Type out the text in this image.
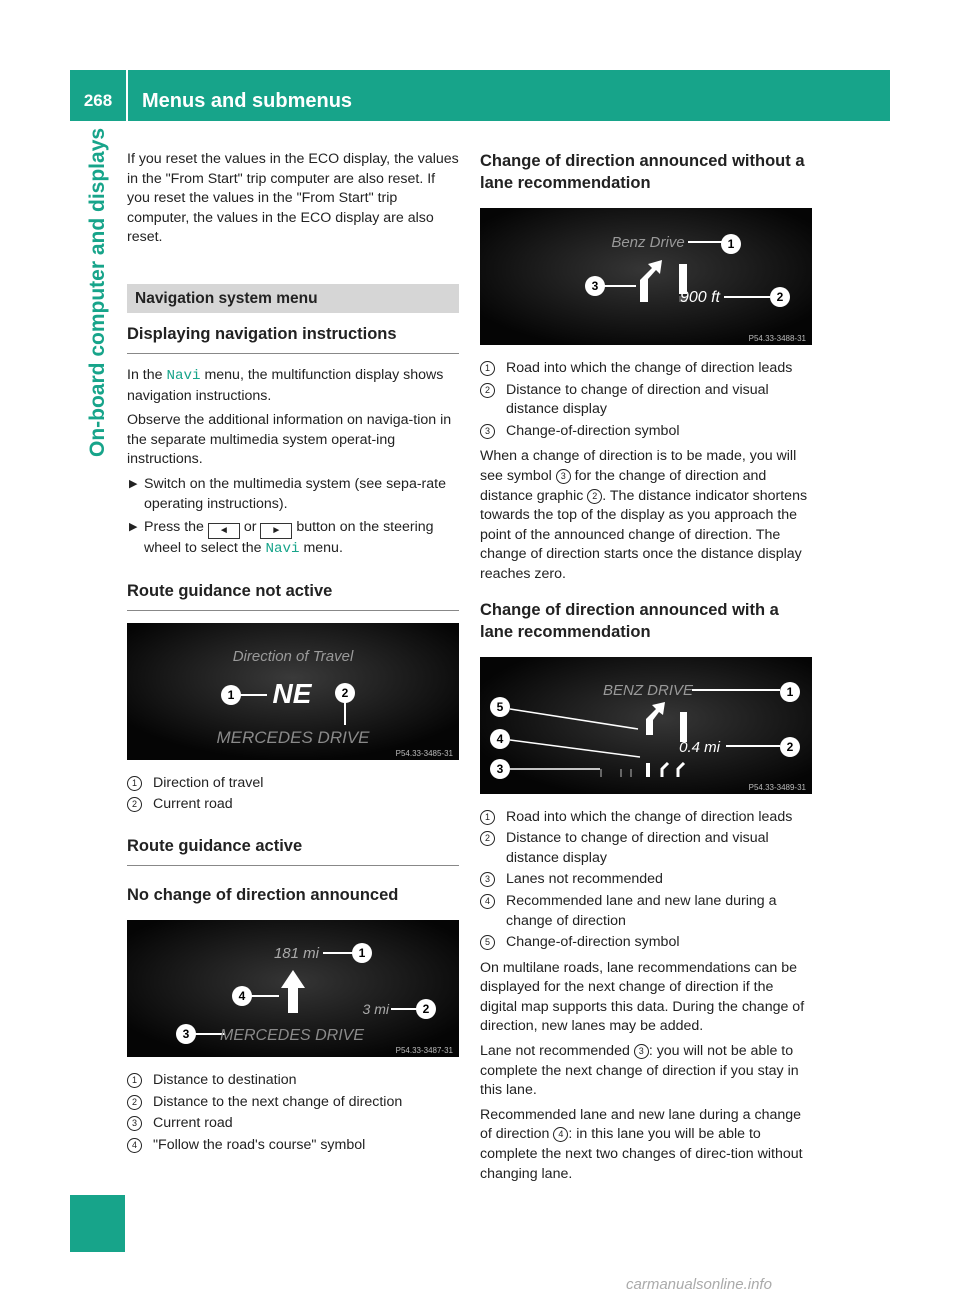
268	Menus and submenus
On-board computer and displays	If you reset the values in the ECO display, the values in the "From Start" trip computer are also reset. If you reset the values in the "From Start" trip computer, the values in the ECO display are also reset.

Navigation system menu
Displaying navigation instructions

In the Navi menu, the multifunction display shows navigation instructions.

Observe the additional information on naviga-tion in the separate multimedia system operat-ing instructions.

▶ Switch on the multimedia system (see sepa-rate operating instructions).
▶ Press the ◄ or ► button on the steering wheel to select the Navi menu.
Route guidance not active
Direction of Travel
NE
1	2
MERCEDES DRIVE
P54.33-3485-31
1	Direction of travel
2	Current road
Route guidance active
No change of direction announced
181 mi	1
4
3 mi	2
3 MERCEDES DRIVE
P54.33-3487-31
1	Distance to destination
2	Distance to the next change of direction
3	Current road
4	"Follow the road's course" symbol
Change of direction announced without a lane recommendation
Benz Drive	1
3
900 ft	2
P54.33-3488-31
1	Road into which the change of direction leads
2	Distance to change of direction and visual distance display
3	Change-of-direction symbol

When a change of direction is to be made, you will see symbol 3 for the change of direction and distance graphic 2 . The distance indicator shortens towards the top of the display as you approach the point of the announced change of direction. The change of direction starts once the distance display reaches zero.

Change of direction announced with a lane recommendation
BENZ DRIVE	1
0.4 mi	2
5
4
3
P54.33-3489-31
1	Road into which the change of direction leads
2	Distance to change of direction and visual distance display
3	Lanes not recommended
4	Recommended lane and new lane during a change of direction
5	Change-of-direction symbol

On multilane roads, lane recommendations can be displayed for the next change of direction if the digital map supports this data. During the change of direction, new lanes may be added.

Lane not recommended 3 : you will not be able to complete the next change of direction if you stay in this lane.

Recommended lane and new lane during a change of direction 4 : in this lane you will be able to complete the next two changes of direc-tion without changing lane.

carmanualsonline.info
